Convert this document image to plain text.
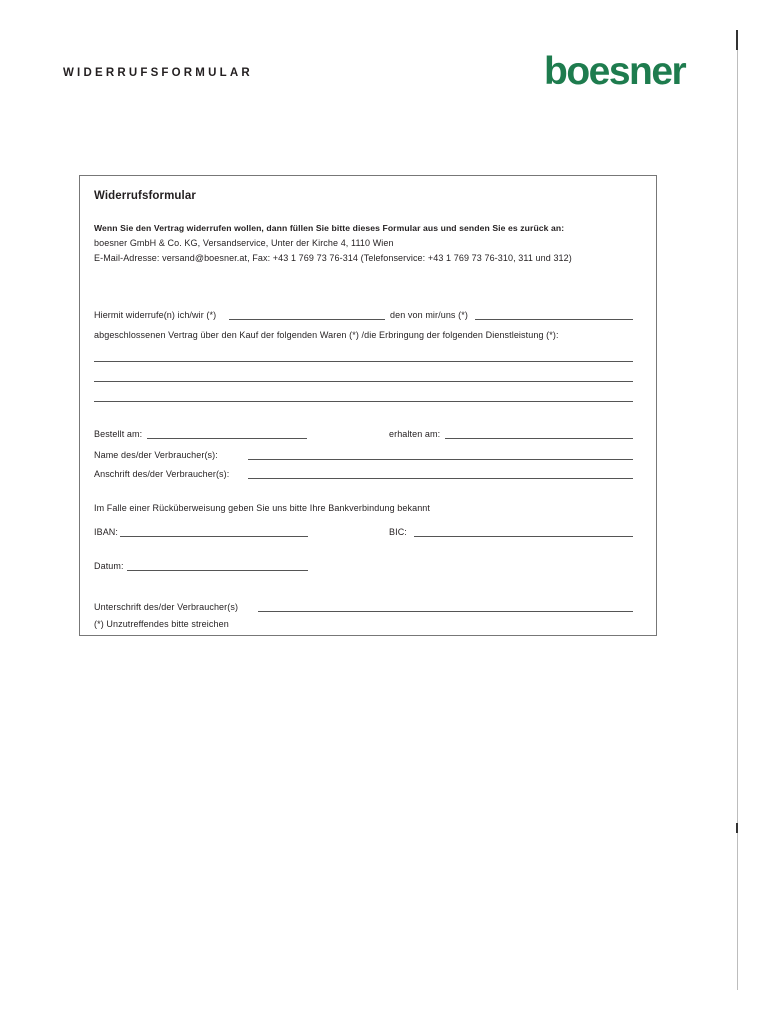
WIDERRUFSFORMULAR	boesner
Widerrufsformular
Wenn Sie den Vertrag widerrufen wollen, dann füllen Sie bitte dieses Formular aus und senden Sie es zurück an:
boesner GmbH & Co. KG, Versandservice, Unter der Kirche 4, 1110 Wien
E-Mail-Adresse: versand@boesner.at, Fax: +43 1 769 73 76-314 (Telefonservice: +43 1 769 73 76-310, 311 und 312)
Hiermit widerrufe(n) ich/wir (*)	den von mir/uns (*)
abgeschlossenen Vertrag über den Kauf der folgenden Waren (*) /die Erbringung der folgenden Dienstleistung (*):
Bestellt am:	erhalten am:
Name des/der Verbraucher(s):
Anschrift des/der Verbraucher(s):
Im Falle einer Rücküberweisung geben Sie uns bitte Ihre Bankverbindung bekannt
IBAN:	BIC:
Datum:
Unterschrift des/der Verbraucher(s)
(*) Unzutreffendes bitte streichen
